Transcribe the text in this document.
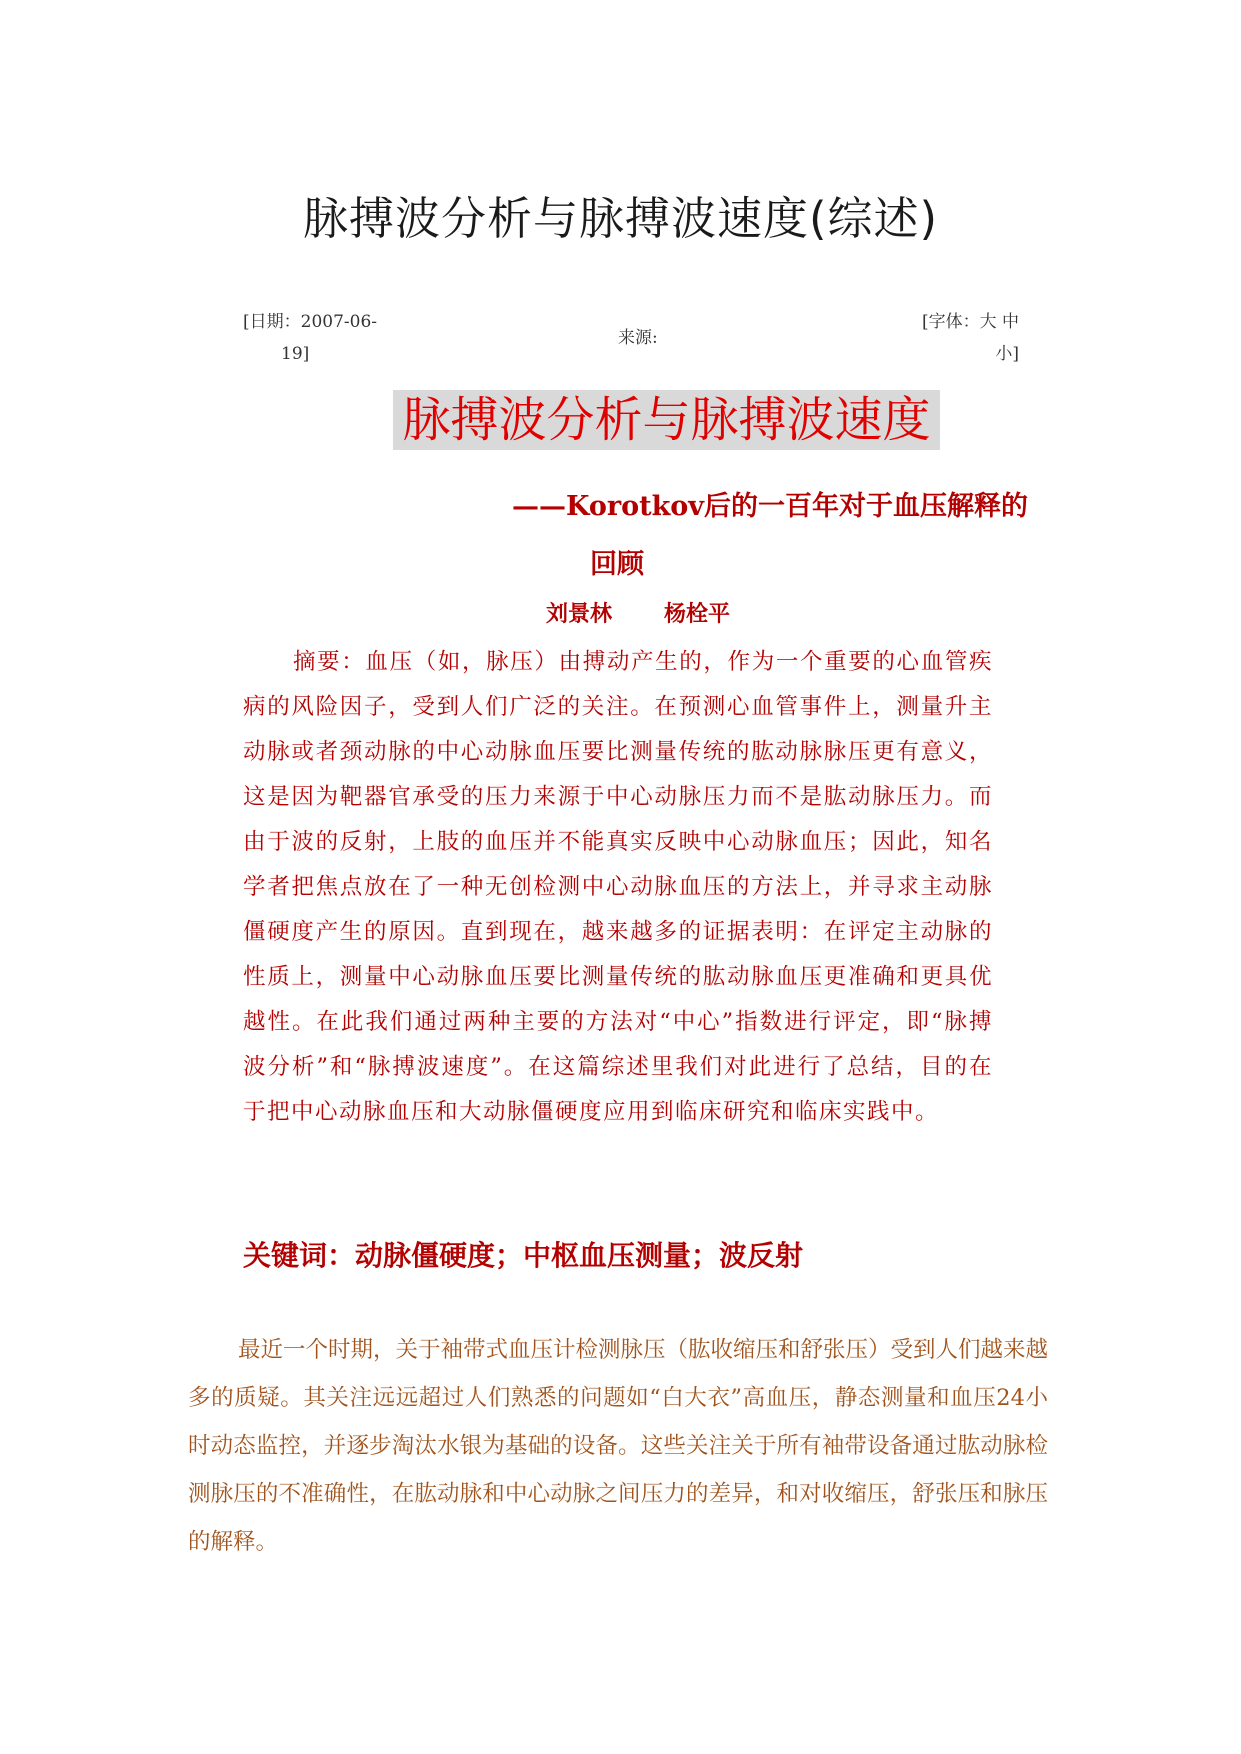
脉搏波分析与脉搏波速度(综述)
[日期：2007-06-
19]
来源:
[字体：大 中
小]
脉搏波分析与脉搏波速度
——Korotkov后的一百年对于血压解释的
回顾
刘景林 杨栓平
摘要：血压（如，脉压）由搏动产生的，作为一个重要的心血管疾病的风险因子，受到人们广泛的关注。在预测心血管事件上，测量升主动脉或者颈动脉的中心动脉血压要比测量传统的肱动脉脉压更有意义，这是因为靶器官承受的压力来源于中心动脉压力而不是肱动脉压力。而由于波的反射，上肢的血压并不能真实反映中心动脉血压；因此，知名学者把焦点放在了一种无创检测中心动脉血压的方法上，并寻求主动脉僵硬度产生的原因。直到现在，越来越多的证据表明：在评定主动脉的性质上，测量中心动脉血压要比测量传统的肱动脉血压更准确和更具优越性。在此我们通过两种主要的方法对“中心”指数进行评定，即“脉搏波分析”和“脉搏波速度”。在这篇综述里我们对此进行了总结，目的在于把中心动脉血压和大动脉僵硬度应用到临床研究和临床实践中。
关键词：动脉僵硬度；中枢血压测量；波反射
最近一个时期，关于袖带式血压计检测脉压（肱收缩压和舒张压）受到人们越来越多的质疑。其关注远远超过人们熟悉的问题如“白大衣”高血压，静态测量和血压24小时动态监控，并逐步淘汰水银为基础的设备。这些关注关于所有袖带设备通过肱动脉检测脉压的不准确性，在肱动脉和中心动脉之间压力的差异，和对收缩压，舒张压和脉压的解释。
